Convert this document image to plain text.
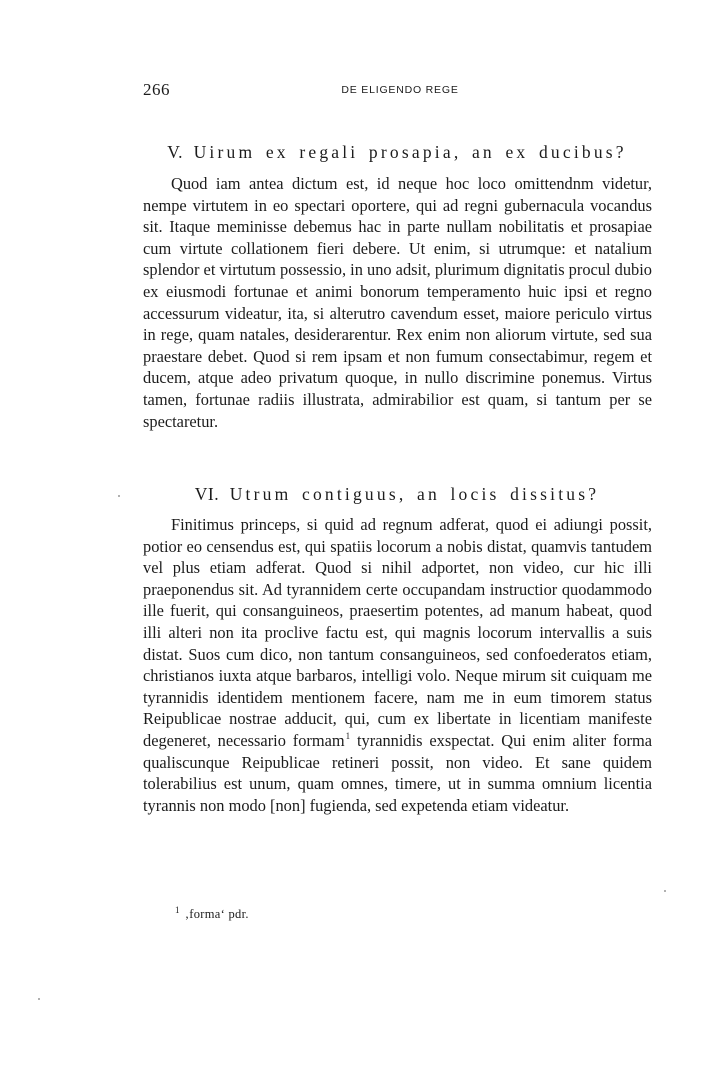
266	DE ELIGENDO REGE
V. Uirum ex regali prosapia, an ex ducibus?

Quod iam antea dictum est, id neque hoc loco omittendnm videtur, nempe virtutem in eo spectari oportere, qui ad regni gubernacula vocandus sit. Itaque meminisse debemus hac in parte nullam nobilitatis et prosapiae cum virtute collationem fieri debere. Ut enim, si utrumque: et natalium splendor et virtutum possessio, in uno adsit, plurimum dignitatis procul dubio ex eiusmodi fortunae et animi bonorum temperamento huic ipsi et regno accessurum videatur, ita, si alterutro cavendum esset, maiore periculo virtus in rege, quam natales, desiderarentur. Rex enim non aliorum virtute, sed sua praestare debet. Quod si rem ipsam et non fumum consectabimur, regem et ducem, atque adeo privatum quoque, in nullo discrimine ponemus. Virtus tamen, fortunae radiis illustrata, admirabilior est quam, si tantum per se spectaretur.

VI. Utrum contiguus, an locis dissitus?

Finitimus princeps, si quid ad regnum adferat, quod ei adiungi possit, potior eo censendus est, qui spatiis locorum a nobis distat, quamvis tantudem vel plus etiam adferat. Quod si nihil adportet, non video, cur hic illi praeponendus sit. Ad tyrannidem certe occupandam instructior quodammodo ille fuerit, qui consanguineos, praesertim potentes, ad manum habeat, quod illi alteri non ita proclive factu est, qui magnis locorum intervallis a suis distat. Suos cum dico, non tantum consanguineos, sed confoederatos etiam, christianos iuxta atque barbaros, intelligi volo. Neque mirum sit cuiquam me tyrannidis identidem mentionem facere, nam me in eum timorem status Reipublicae nostrae adducit, qui, cum ex libertate in licentiam manifeste degeneret, necessario formam$^1$ tyrannidis exspectat. Qui enim aliter forma qualiscunque Reipublicae retineri possit, non video. Et sane quidem tolerabilius est unum, quam omnes, timere, ut in summa omnium licentia tyrannis non modo [non] fugienda, sed expetenda etiam videatur.

$^1$ ‚forma‘ pdr.
